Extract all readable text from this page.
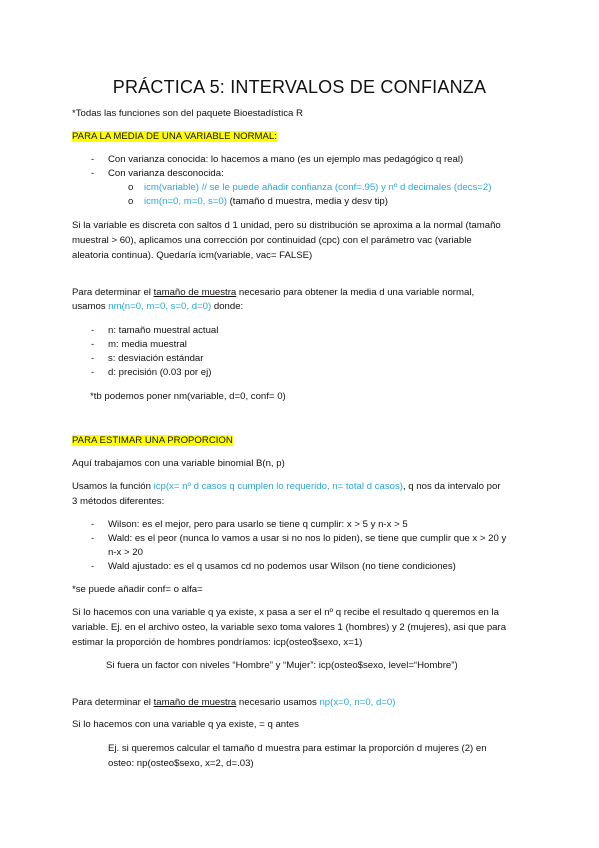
PRÁCTICA 5: INTERVALOS DE CONFIANZA
*Todas las funciones son del paquete Bioestadística R
PARA LA MEDIA DE UNA VARIABLE NORMAL:
- Con varianza conocida: lo hacemos a mano (es un ejemplo mas pedagógico q real)
- Con varianza desconocida:
o icm(variable) // se le puede añadir confianza (conf=.95) y nº d decimales (decs=2)
o icm(n=0, m=0, s=0) (tamaño d muestra, media y desv tip)
Si la variable es discreta con saltos d 1 unidad, pero su distribución se aproxima a la normal (tamaño
muestral > 60), aplicamos una corrección por continuidad (cpc) con el parámetro vac (variable
aleatoria continua). Quedaría icm(variable, vac= FALSE)
Para determinar el tamaño de muestra necesario para obtener la media d una variable normal,
usamos nm(n=0, m=0, s=0, d=0) donde:
- n: tamaño muestral actual
- m: media muestral
- s: desviación estándar
- d: precisión (0.03 por ej)
*tb podemos poner nm(variable, d=0, conf= 0)
PARA ESTIMAR UNA PROPORCION
Aquí trabajamos con una variable binomial B(n, p)
Usamos la función icp(x= nº d casos q cumplen lo requerido, n= total d casos), q nos da intervalo por
3 métodos diferentes:
- Wilson: es el mejor, pero para usarlo se tiene q cumplir: x > 5 y n-x > 5
- Wald: es el peor (nunca lo vamos a usar si no nos lo piden), se tiene que cumplir que x > 20 y
n-x > 20
- Wald ajustado: es el q usamos cd no podemos usar Wilson (no tiene condiciones)
*se puede añadir conf= o alfa=
Si lo hacemos con una variable q ya existe, x pasa a ser el nº q recibe el resultado q queremos en la
variable. Ej. en el archivo osteo, la variable sexo toma valores 1 (hombres) y 2 (mujeres), asi que para
estimar la proporción de hombres pondríamos: icp(osteo$sexo, x=1)
Si fuera un factor con niveles “Hombre” y “Mujer”: icp(osteo$sexo, level=“Hombre”)
Para determinar el tamaño de muestra necesario usamos np(x=0, n=0, d=0)
Si lo hacemos con una variable q ya existe, = q antes
Ej. si queremos calcular el tamaño d muestra para estimar la proporción d mujeres (2) en
osteo: np(osteo$sexo, x=2, d=.03)
